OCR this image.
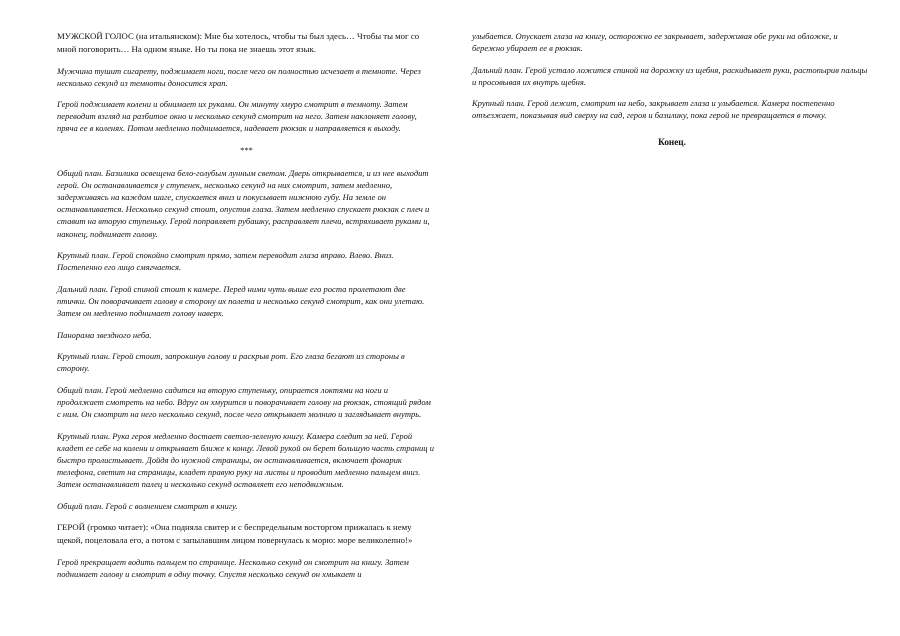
МУЖСКОЙ ГОЛОС (на итальянском): Мне бы хотелось, чтобы ты был здесь… Чтобы ты мог со мной поговорить… На одном языке. Но ты пока не знаешь этот язык.

Мужчина тушит сигарету, поджимает ноги, после чего он полностью исчезает в темноте. Через несколько секунд из темноты доносится храп.

Герой поджимает колени и обнимает их руками. Он минуту хмуро смотрит в темноту. Затем переводит взгляд на разбитое окно и несколько секунд смотрит на него. Затем наклоняет голову, пряча ее в коленях. Потом медленно поднимается, надевает рюкзак и направляется к выходу.

***

Общий план. Базилика освещена бело-голубым лунным светом. Дверь открывается, и из нее выходит герой. Он останавливается у ступенек, несколько секунд на них смотрит, затем медленно, задерживаясь на каждом шаге, спускается вниз и покусывает нижнюю губу. На земле он останавливается. Несколько секунд стоит, опустив глаза. Затем медленно спускает рюкзак с плеч и ставит на вторую ступеньку. Герой поправляет рубашку, расправляет плечи, встряхивает руками и, наконец, поднимает голову.

Крупный план. Герой спокойно смотрит прямо, затем переводит глаза вправо. Влево. Вниз. Постепенно его лицо смягчается.

Дальний план. Герой спиной стоит к камере. Перед ними чуть выше его роста пролетают две птички. Он поворачивает голову в сторону их полета и несколько секунд смотрит, как они улетаю. Затем он медленно поднимает голову наверх.

Панорама звездного неба.

Крупный план. Герой стоит, запрокинув голову и раскрыв рот. Его глаза бегают из стороны в сторону.

Общий план. Герой медленно садится на вторую ступеньку, опирается локтями на ноги и продолжает смотреть на небо. Вдруг он хмурится и поворачивает голову на рюкзак, стоящий рядом с ним. Он смотрит на него несколько секунд, после чего открывает молнию и заглядывает внутрь.

Крупный план. Рука героя медленно достает светло-зеленую книгу. Камера следит за ней. Герой кладет ее себе на колени и открывает ближе к концу. Левой рукой он берет большую часть страниц и быстро пролистывает. Дойдя до нужной страницы, он останавливается, включает фонарик телефона, светит на страницы, кладет правую руку на листы и проводит медленно пальцем вниз. Затем останавливает палец и несколько секунд оставляет его неподвижным.

Общий план. Герой с волнением смотрит в книгу.

ГЕРОЙ (громко читает): «Она подняла свитер и с беспредельным восторгом прижалась к нему щекой, поцеловала его, а потом с запылавшим лицом повернулась к морю: море великолепно!»

Герой прекращает водить пальцем по странице. Несколько секунд он смотрит на книгу. Затем поднимает голову и смотрит в одну точку. Спустя несколько секунд он хмыкает и

улыбается. Опускает глаза на книгу, осторожно ее закрывает, задерживая обе руки на обложке, и бережно убирает ее в рюкзак.

Дальний план. Герой устало ложится спиной на дорожку из щебня, раскидывает руки, растопырив пальцы и просовывая их внутрь щебня.

Крупный план. Герой лежит, смотрит на небо, закрывает глаза и улыбается. Камера постепенно отъезжает, показывая вид сверху на сад, героя и базилику, пока герой не превращается в точку.

Конец.
